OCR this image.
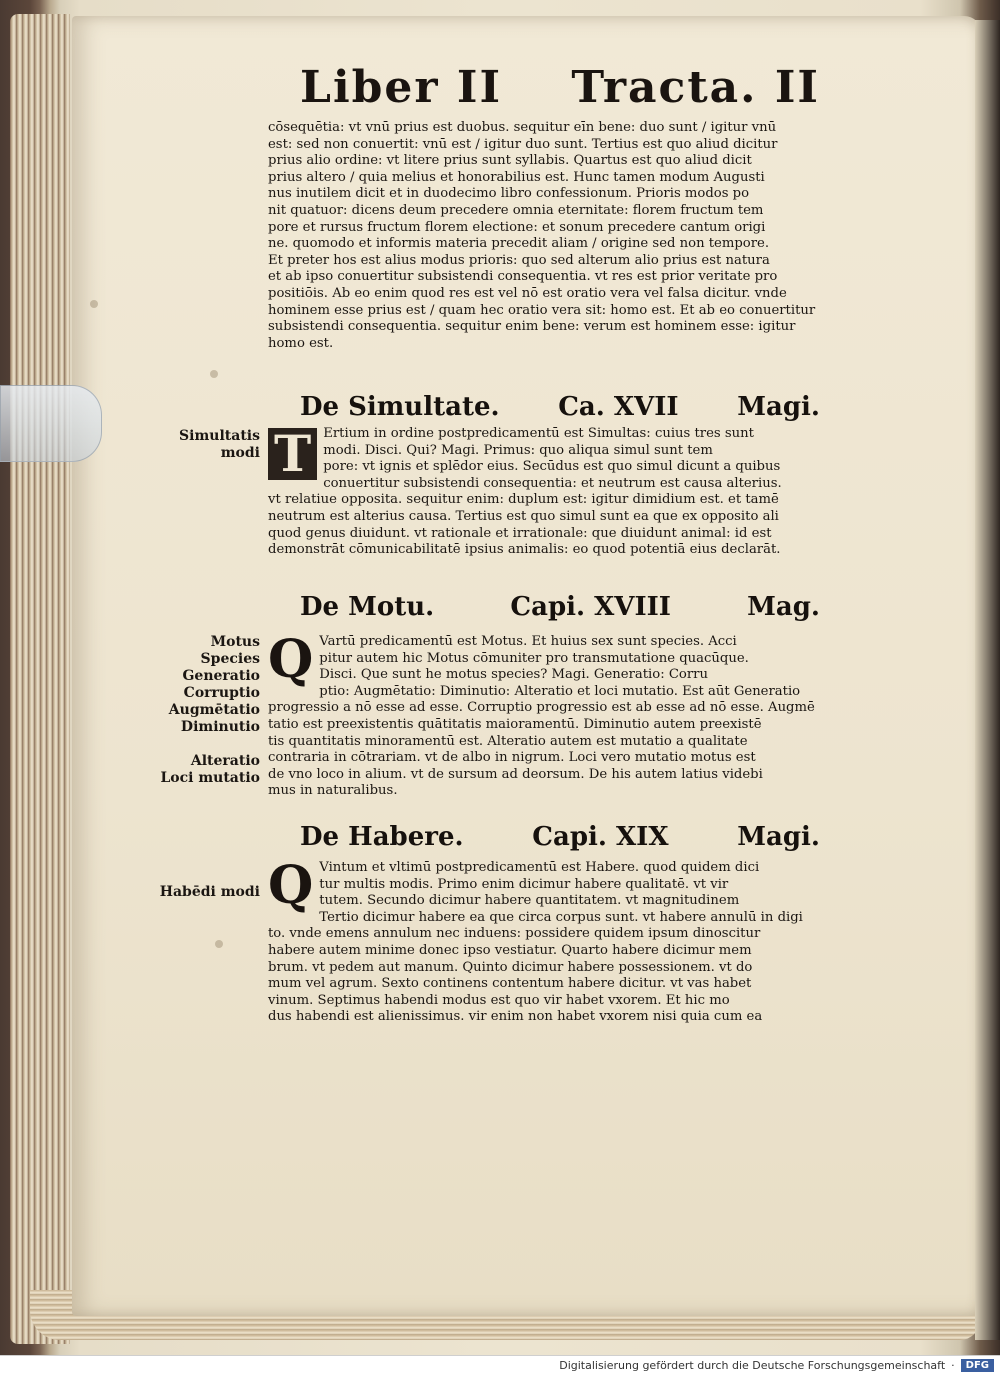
Liber II Tracta. II

cōsequētia: vt vnū prius est duobus. sequitur eīn bene: duo sunt / igitur vnū

est: sed non conuertit: vnū est / igitur duo sunt. Tertius est quo aliud dicitur

prius alio ordine: vt litere prius sunt syllabis. Quartus est quo aliud dicit

prius altero / quia melius et honorabilius est. Hunc tamen modum Augusti

nus inutilem dicit et in duodecimo libro confessionum. Prioris modos po

nit quatuor: dicens deum precedere omnia eternitate: florem fructum tem

pore et rursus fructum florem electione: et sonum precedere cantum origi

ne. quomodo et informis materia precedit aliam / origine sed non tempore.

Et preter hos est alius modus prioris: quo sed alterum alio prius est natura

et ab ipso conuertitur subsistendi consequentia. vt res est prior veritate pro

positiōis. Ab eo enim quod res est vel nō est oratio vera vel falsa dicitur. vnde

hominem esse prius est / quam hec oratio vera sit: homo est. Et ab eo conuertitur

subsistendi consequentia. sequitur enim bene: verum est hominem esse: igitur

homo est.

De Simultate. Ca. XVII Magi.
Simultatis
modi T Ertium in ordine postpredicamentū est Simultas: cuius tres sunt

modi. Disci. Qui? Magi. Primus: quo aliqua simul sunt tem

pore: vt ignis et splēdor eius. Secūdus est quo simul dicunt a quibus

conuertitur subsistendi consequentia: et neutrum est causa alterius.

vt relatiue opposita. sequitur enim: duplum est: igitur dimidium est. et tamē

neutrum est alterius causa. Tertius est quo simul sunt ea que ex opposito ali

quod genus diuidunt. vt rationale et irrationale: que diuidunt animal: id est

demonstrāt cōmunicabilitatē ipsius animalis: eo quod potentiā eius declarāt.

De Motu.	Capi. XVIII	Mag.
Motus
Species
Generatio
Corruptio
Augmētatio
Diminutio
Alteratio
Loci mutatio
Q Vartū predicamentū est Motus. Et huius sex sunt species. Acci

pitur autem hic Motus cōmuniter pro transmutatione quacūque.

Disci. Que sunt he motus species? Magi. Generatio: Corru

ptio: Augmētatio: Diminutio: Alteratio et loci mutatio. Est aūt Generatio

progressio a nō esse ad esse. Corruptio progressio est ab esse ad nō esse. Augmē

tatio est preexistentis quātitatis maioramentū. Diminutio autem preexistē

tis quantitatis minoramentū est. Alteratio autem est mutatio a qualitate

contraria in cōtrariam. vt de albo in nigrum. Loci vero mutatio motus est

de vno loco in alium. vt de sursum ad deorsum. De his autem latius videbi

mus in naturalibus.

De Habere.	Capi. XIX	Magi.
Habēdi modi Q Vintum et vltimū postpredicamentū est Habere. quod quidem dici

tur multis modis. Primo enim dicimur habere qualitatē. vt vir

tutem. Secundo dicimur habere quantitatem. vt magnitudinem

Tertio dicimur habere ea que circa corpus sunt. vt habere annulū in digi

to. vnde emens annulum nec induens: possidere quidem ipsum dinoscitur

habere autem minime donec ipso vestiatur. Quarto habere dicimur mem

brum. vt pedem aut manum. Quinto dicimur habere possessionem. vt do

mum vel agrum. Sexto continens contentum habere dicitur. vt vas habet

vinum. Septimus habendi modus est quo vir habet vxorem. Et hic mo

dus habendi est alienissimus. vir enim non habet vxorem nisi quia cum ea

Digitalisierung gefördert durch die Deutsche Forschungsgemeinschaft ·	DFG
